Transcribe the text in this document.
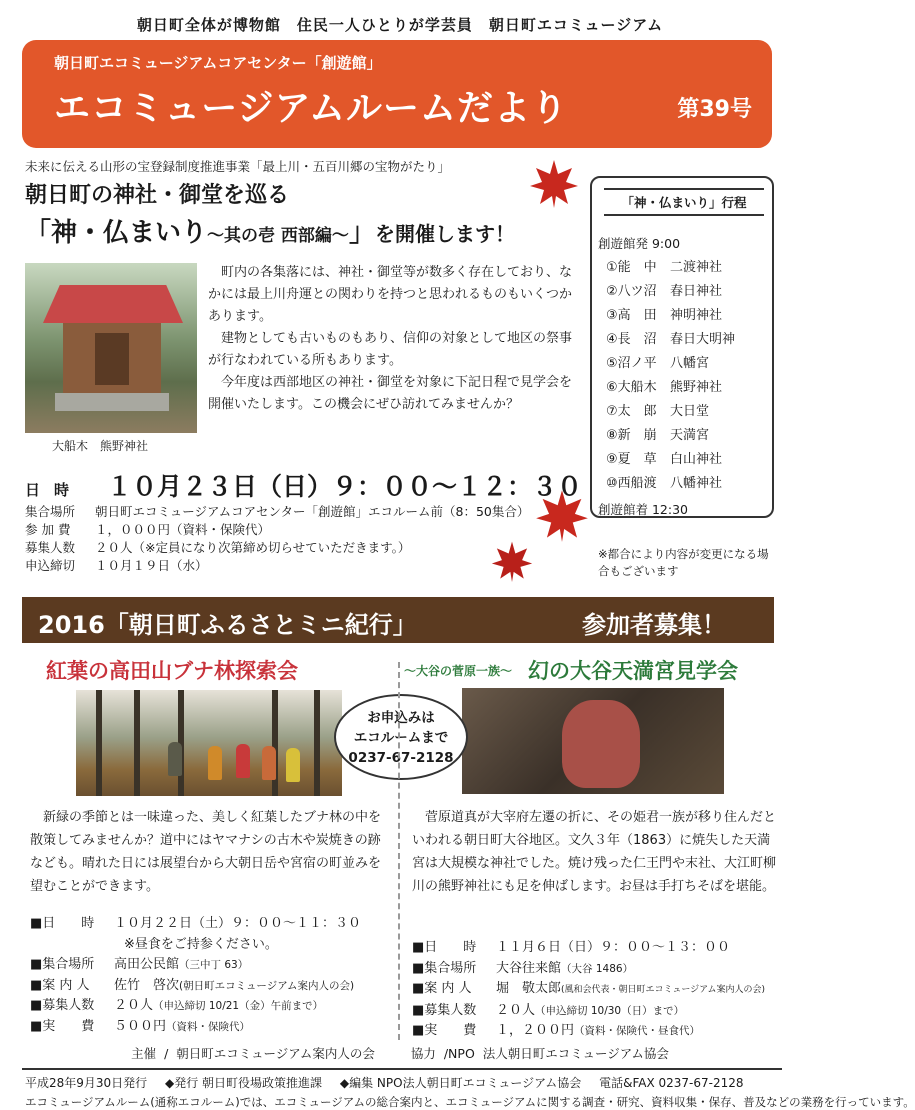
朝日町全体が博物館　住民一人ひとりが学芸員　朝日町エコミュージアム
朝日町エコミュージアムコアセンター「創遊館」
エコミュージアムルームだより	第39号
未来に伝える山形の宝登録制度推進事業「最上川・五百川郷の宝物がたり」
朝日町の神社・御堂を巡る
「神・仏まいり～其の壱 西部編～」を開催します！
大船木　熊野神社

町内の各集落には、神社・御堂等が数多く存在しており、なかには最上川舟運との関わりを持つと思われるものもいくつかあります。

建物としても古いものもあり、信仰の対象として地区の祭事が行なわれている所もあります。

今年度は西部地区の神社・御堂を対象に下記日程で見学会を開催いたします。この機会にぜひ訪れてみませんか？

「神・仏まいり」行程
創遊館発 9:00
①能　中 二渡神社
②八ツ沼 春日神社
③高　田 神明神社
④長　沼 春日大明神
⑤沼ノ平 八幡宮
⑥大船木 熊野神社
⑦太　郎 大日堂
⑧新　崩 天満宮
⑨夏　草 白山神社
⑩西船渡 八幡神社
創遊館着 12:30
※都合により内容が変更になる場合もございます
日時 １０月２３日（日）９：００～１２：３０
集合場所 朝日町エコミュージアムコアセンター「創遊館」エコルーム前（8：50集合）
参 加 費 １，０００円（資料・保険代）
募集人数 ２０人（※定員になり次第締め切らせていただきます。）
申込締切 １０月１９日（水）
2016「朝日町ふるさとミニ紀行」	参加者募集！
紅葉の高田山ブナ林探索会	～大谷の菅原一族～ 幻の大谷天満宮見学会
お申込みは
エコルームまで
0237-67-2128

新緑の季節とは一味違った、美しく紅葉したブナ林の中を散策してみませんか？道中にはヤマナシの古木や炭焼きの跡なども。晴れた日には展望台から大朝日岳や宮宿の町並みを望むことができます。

菅原道真が大宰府左遷の折に、その姫君一族が移り住んだといわれる朝日町大谷地区。文久３年（1863）に焼失した天満宮は大規模な神社でした。焼け残った仁王門や末社、大江町柳川の熊野神社にも足を伸ばします。お昼は手打ちそばを堪能。

■日　　時 １０月２２日（土）９：００～１１：３０
※昼食をご持参ください。
■集合場所 高田公民館（三中丁 63）
■案 内 人 佐竹　啓次(朝日町エコミュージアム案内人の会)
■募集人数 ２０人（申込締切 10/21（金）午前まで）
■実　　費 ５００円（資料・保険代）
■日　　時 １１月６日（日）９：００～１３：００
■集合場所 大谷往来館（大谷 1486）
■案 内 人 堀　敬太郎(風和会代表・朝日町エコミュージアム案内人の会)
■募集人数 ２０人（申込締切 10/30（日）まで）
■実　　費 １，２００円（資料・保険代・昼食代）
主催 / 朝日町エコミュージアム案内人の会	協力 /NPO 法人朝日町エコミュージアム協会
平成28年9月30日発行 ◆発行 朝日町役場政策推進課 ◆編集 NPO法人朝日町エコミュージアム協会 電話&FAX 0237-67-2128
エコミュージアムルーム(通称エコルーム)では、エコミュージアムの総合案内と、エコミュージアムに関する調査・研究、資料収集・保存、普及などの業務を行っています。
